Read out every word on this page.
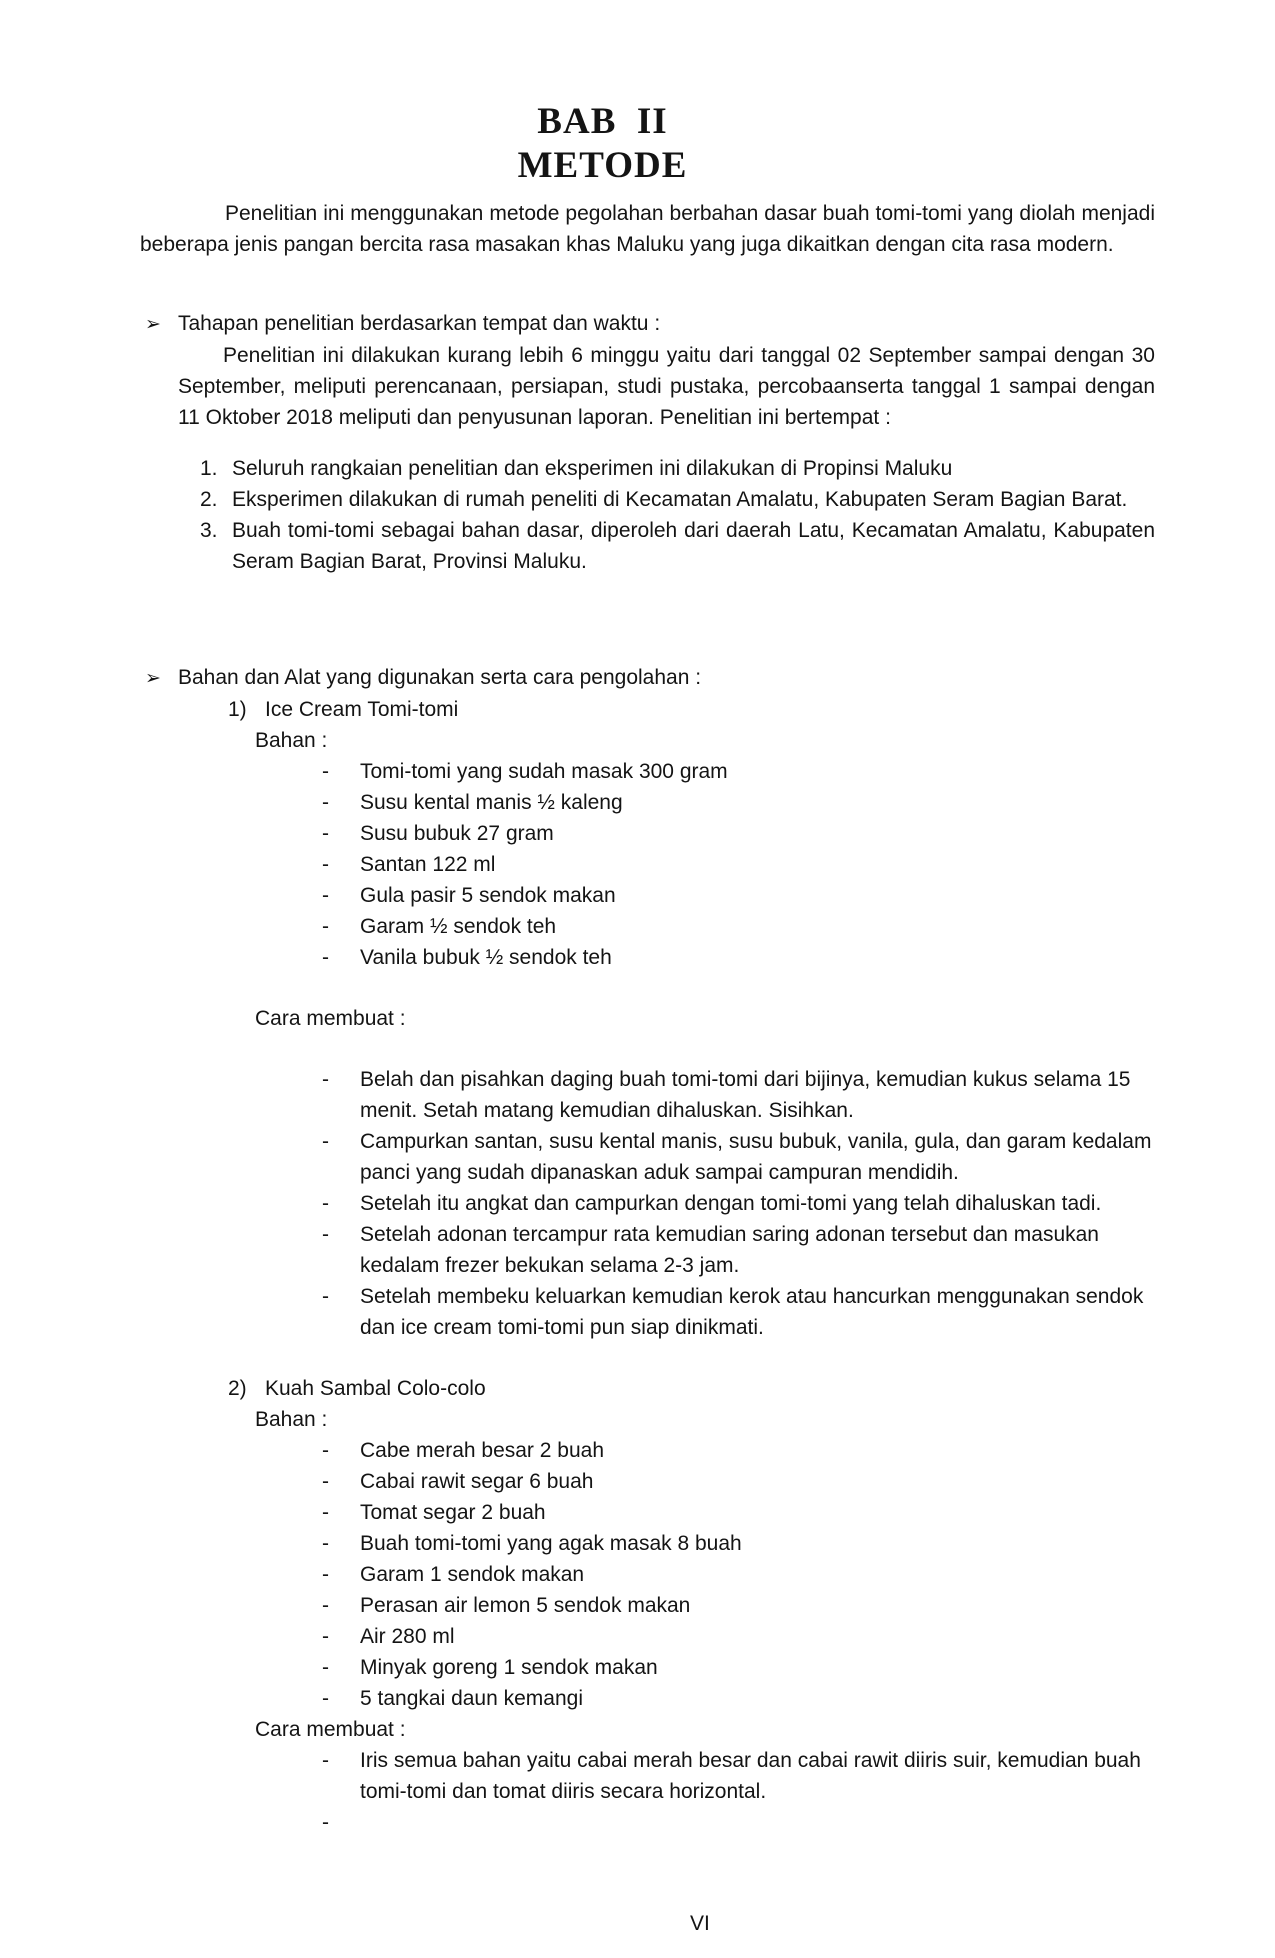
BAB  II
METODE

Penelitian ini menggunakan metode pegolahan berbahan dasar buah tomi-tomi yang diolah menjadi beberapa jenis pangan bercita rasa masakan khas Maluku yang juga dikaitkan dengan cita rasa modern.

➢ Tahapan penelitian berdasarkan tempat dan waktu :

Penelitian ini dilakukan kurang lebih 6 minggu yaitu dari tanggal 02 September sampai dengan 30 September, meliputi perencanaan, persiapan, studi pustaka, percobaanserta tanggal 1 sampai dengan 11 Oktober 2018 meliputi dan penyusunan laporan. Penelitian ini bertempat :

1. Seluruh rangkaian penelitian dan eksperimen ini dilakukan di Propinsi Maluku
2. Eksperimen dilakukan di rumah peneliti di Kecamatan Amalatu, Kabupaten Seram Bagian Barat.
3. Buah tomi-tomi sebagai bahan dasar, diperoleh dari daerah Latu, Kecamatan Amalatu, Kabupaten Seram Bagian Barat, Provinsi Maluku.
➢ Bahan dan Alat yang digunakan serta cara pengolahan :
1) Ice Cream Tomi-tomi
Bahan :
-	Tomi-tomi yang sudah masak 300 gram
-	Susu kental manis ½ kaleng
-	Susu bubuk 27 gram
-	Santan 122 ml
-	Gula pasir 5 sendok makan
-	Garam ½ sendok teh
-	Vanila bubuk ½ sendok teh
Cara membuat :
-	Belah dan pisahkan daging buah tomi-tomi dari bijinya, kemudian kukus selama 15 menit. Setah matang kemudian dihaluskan. Sisihkan.
-	Campurkan santan, susu kental manis, susu bubuk, vanila, gula, dan garam kedalam panci yang sudah dipanaskan aduk sampai campuran mendidih.
-	Setelah itu angkat dan campurkan dengan tomi-tomi yang telah dihaluskan tadi.
-	Setelah adonan tercampur rata kemudian saring adonan tersebut dan masukan kedalam frezer bekukan selama 2-3 jam.
-	Setelah membeku keluarkan kemudian kerok atau hancurkan menggunakan sendok dan ice cream tomi-tomi pun siap dinikmati.
2) Kuah Sambal Colo-colo
Bahan :
-	Cabe merah besar 2 buah
-	Cabai rawit segar 6 buah
-	Tomat segar 2 buah
-	Buah tomi-tomi yang agak masak 8 buah
-	Garam 1 sendok makan
-	Perasan air lemon 5 sendok makan
-	Air 280 ml
-	Minyak goreng 1 sendok makan
-	5 tangkai daun kemangi
Cara membuat :
-	Iris semua bahan yaitu cabai merah besar dan cabai rawit diiris suir, kemudian buah tomi-tomi dan tomat diiris secara horizontal.
-
VI
